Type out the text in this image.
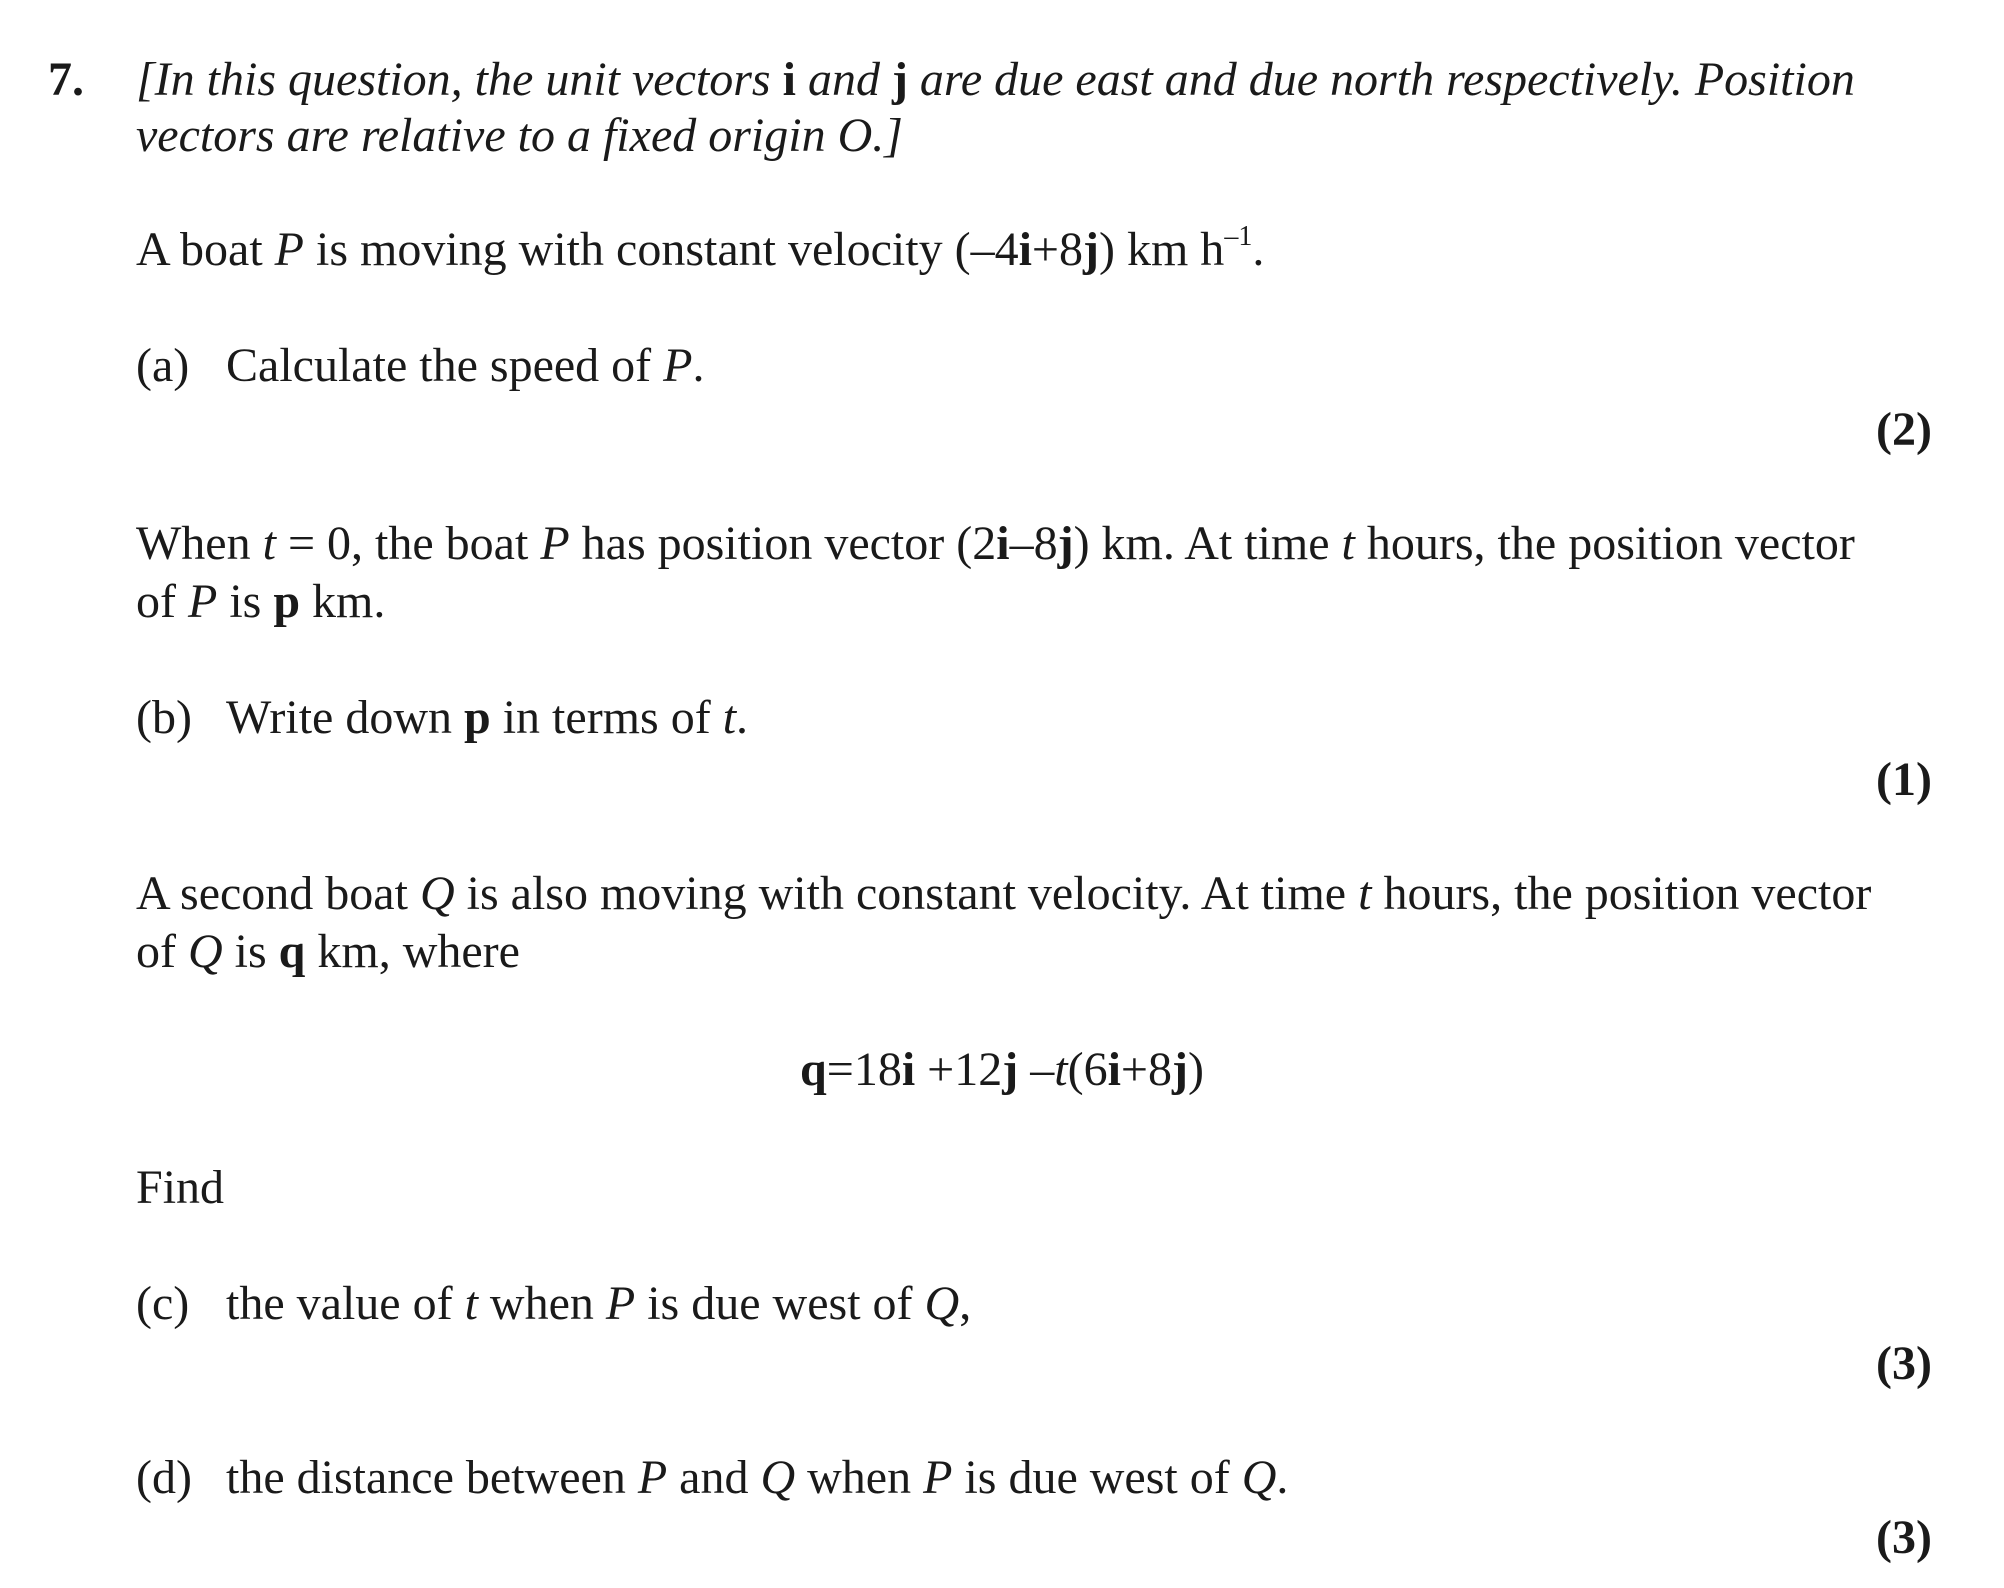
7. [In this question, the unit vectors i and j are due east and due north respectively. Position
vectors are relative to a fixed origin O.]
A boat P is moving with constant velocity (–4i+8j) km $h^{-1}$.
(a) Calculate the speed of P.
(2)
When t = 0, the boat P has position vector (2i–8j) km. At time t hours, the position vector
of P is p km.
(b) Write down p in terms of t.
(1)
A second boat Q is also moving with constant velocity. At time t hours, the position vector
of Q is q km, where
q=18i +12j –t(6i+8j)
Find
(c) the value of t when P is due west of Q,
(3)
(d) the distance between P and Q when P is due west of Q.
(3)
